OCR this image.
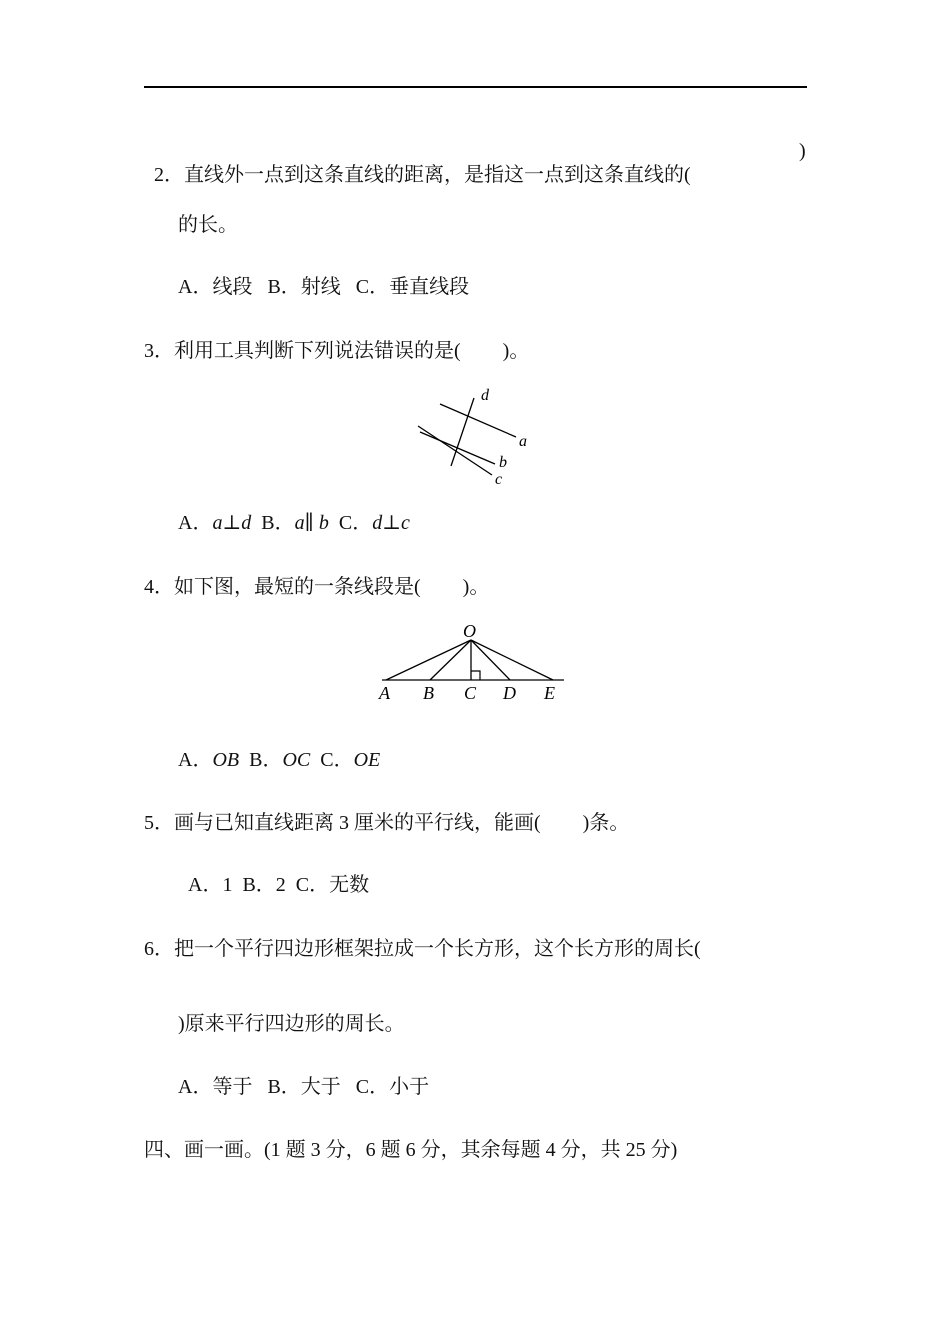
2．直线外一点到这条直线的距离，是指这一点到这条直线的(

)
的长。
A．线段 B．射线 C．垂直线段
3．利用工具判断下列说法错误的是( )。
d
a
b
c
O
A B C D E
A．a⊥d B．a∥ b C．d⊥c
4．如下图，最短的一条线段是( )。
A．OB B．OC C．OE
5．画与已知直线距离 3 厘米的平行线，能画( )条。
A．1 B．2 C．无数
6．把一个平行四边形框架拉成一个长方形，这个长方形的周长(
)原来平行四边形的周长。
A．等于 B．大于 C．小于
四、画一画。(1 题 3 分，6 题 6 分，其余每题 4 分，共 25 分)
